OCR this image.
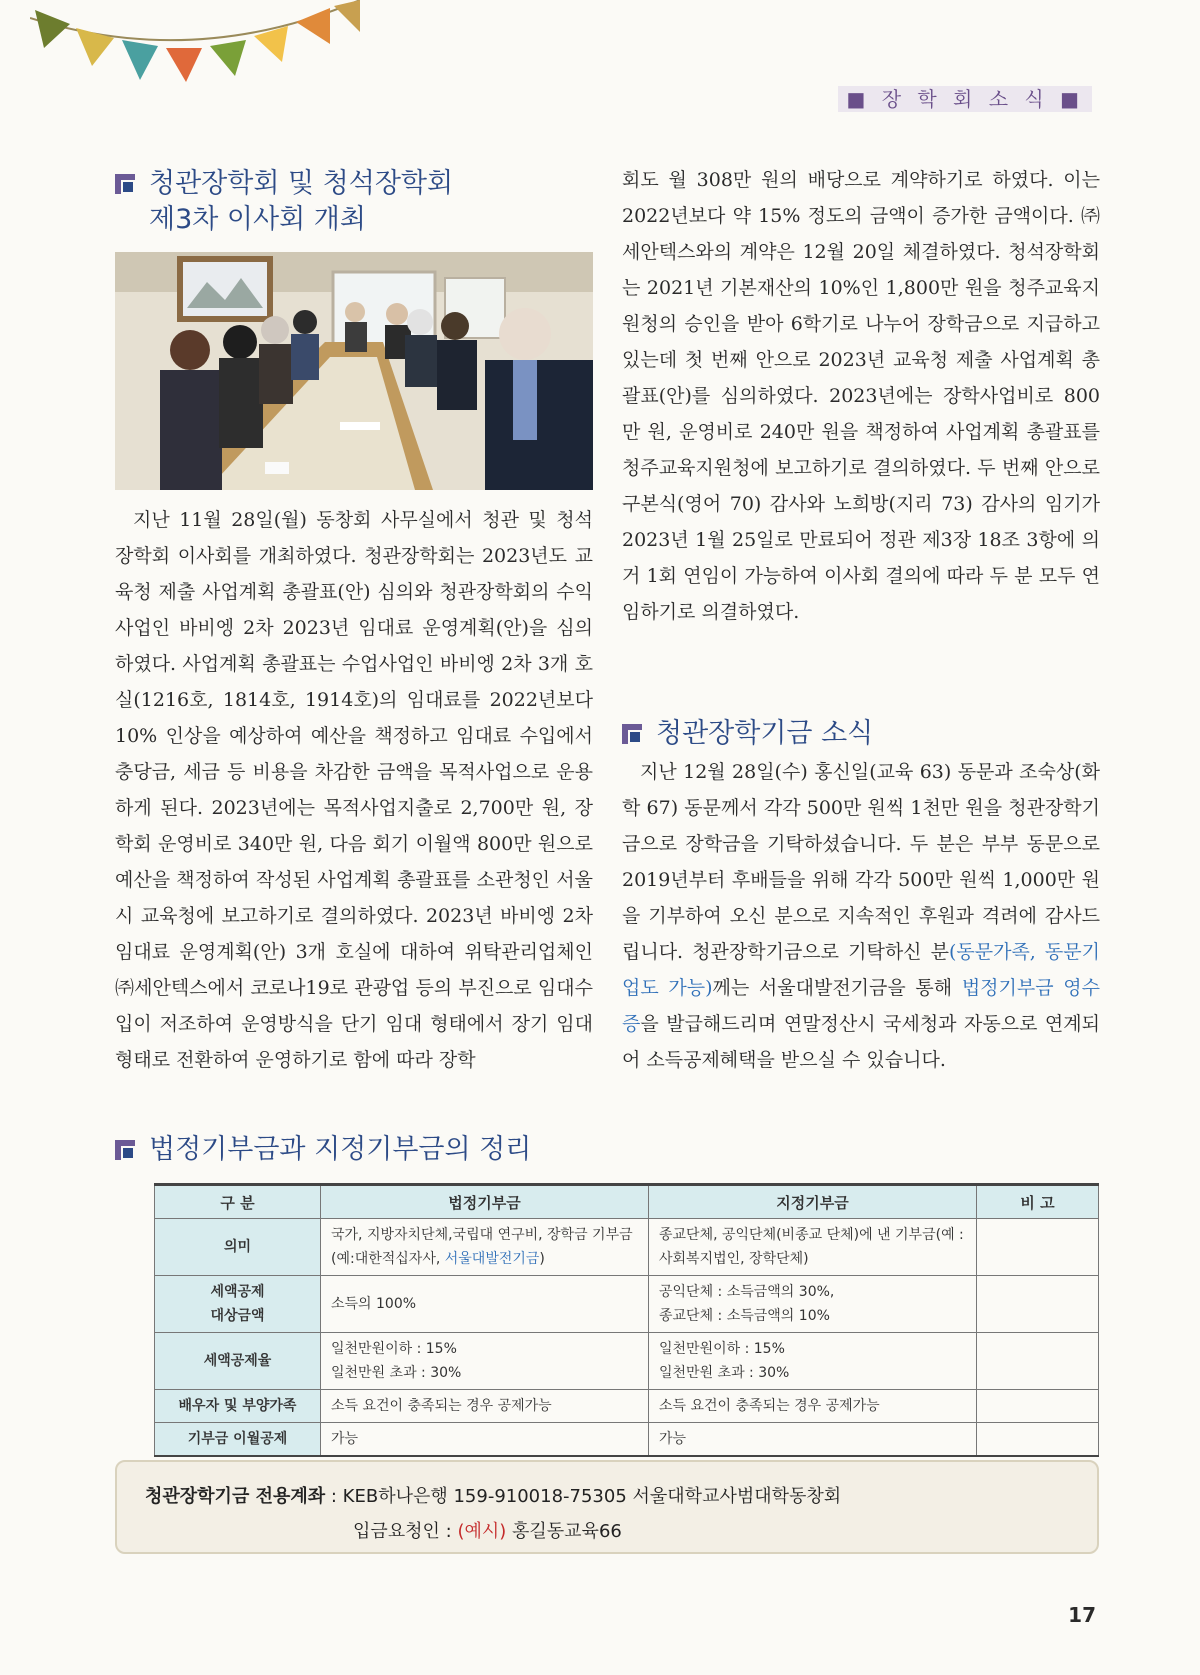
■ 장 학 회 소 식 ■
청관장학회 및 청석장학회
제3차 이사회 개최
지난 11월 28일(월) 동창회 사무실에서 청관 및 청석 장학회 이사회를 개최하였다. 청관장학회는 2023년도 교육청 제출 사업계획 총괄표(안) 심의와 청관장학회의 수익사업인 바비엥 2차 2023년 임대료 운영계획(안)을 심의하였다. 사업계획 총괄표는 수업사업인 바비엥 2차 3개 호실(1216호, 1814호, 1914호)의 임대료를 2022년보다 10% 인상을 예상하여 예산을 책정하고 임대료 수입에서 충당금, 세금 등 비용을 차감한 금액을 목적사업으로 운용하게 된다. 2023년에는 목적사업지출로 2,700만 원, 장학회 운영비로 340만 원, 다음 회기 이월액 800만 원으로 예산을 책정하여 작성된 사업계획 총괄표를 소관청인 서울시 교육청에 보고하기로 결의하였다. 2023년 바비엥 2차 임대료 운영계획(안) 3개 호실에 대하여 위탁관리업체인 ㈜세안텍스에서 코로나19로 관광업 등의 부진으로 임대수입이 저조하여 운영방식을 단기 임대 형태에서 장기 임대 형태로 전환하여 운영하기로 함에 따라 장학
회도 월 308만 원의 배당으로 계약하기로 하였다. 이는 2022년보다 약 15% 정도의 금액이 증가한 금액이다. ㈜세안텍스와의 계약은 12월 20일 체결하였다. 청석장학회는 2021년 기본재산의 10%인 1,800만 원을 청주교육지원청의 승인을 받아 6학기로 나누어 장학금으로 지급하고 있는데 첫 번째 안으로 2023년 교육청 제출 사업계획 총괄표(안)를 심의하였다. 2023년에는 장학사업비로 800만 원, 운영비로 240만 원을 책정하여 사업계획 총괄표를 청주교육지원청에 보고하기로 결의하였다. 두 번째 안으로 구본식(영어 70) 감사와 노희방(지리 73) 감사의 임기가 2023년 1월 25일로 만료되어 정관 제3장 18조 3항에 의거 1회 연임이 가능하여 이사회 결의에 따라 두 분 모두 연임하기로 의결하였다.
청관장학기금 소식
지난 12월 28일(수) 홍신일(교육 63) 동문과 조숙상(화학 67) 동문께서 각각 500만 원씩 1천만 원을 청관장학기금으로 장학금을 기탁하셨습니다. 두 분은 부부 동문으로 2019년부터 후배들을 위해 각각 500만 원씩 1,000만 원을 기부하여 오신 분으로 지속적인 후원과 격려에 감사드립니다. 청관장학기금으로 기탁하신 분(동문가족, 동문기업도 가능)께는 서울대발전기금을 통해 법정기부금 영수증을 발급해드리며 연말정산시 국세청과 자동으로 연계되어 소득공제혜택을 받으실 수 있습니다.
법정기부금과 지정기부금의 정리
구 분	법정기부금	지정기부금	비 고
의미	국가, 지방자치단체,국립대 연구비, 장학금 기부금(예:대한적십자사, 서울대발전기금)	종교단체, 공익단체(비종교 단체)에 낸 기부금(예 : 사회복지법인, 장학단체)	
세액공제
대상금액	소득의 100%	공익단체 : 소득금액의 30%,
종교단체 : 소득금액의 10%	
세액공제율	일천만원이하 : 15%
일천만원 초과 : 30%	일천만원이하 : 15%
일천만원 초과 : 30%	
배우자 및 부양가족	소득 요건이 충족되는 경우 공제가능	소득 요건이 충족되는 경우 공제가능	
기부금 이월공제	가능	가능	
청관장학기금 전용계좌 : KEB하나은행 159-910018-75305 서울대학교사범대학동창회
입금요청인 : (예시) 홍길동교육66
17
